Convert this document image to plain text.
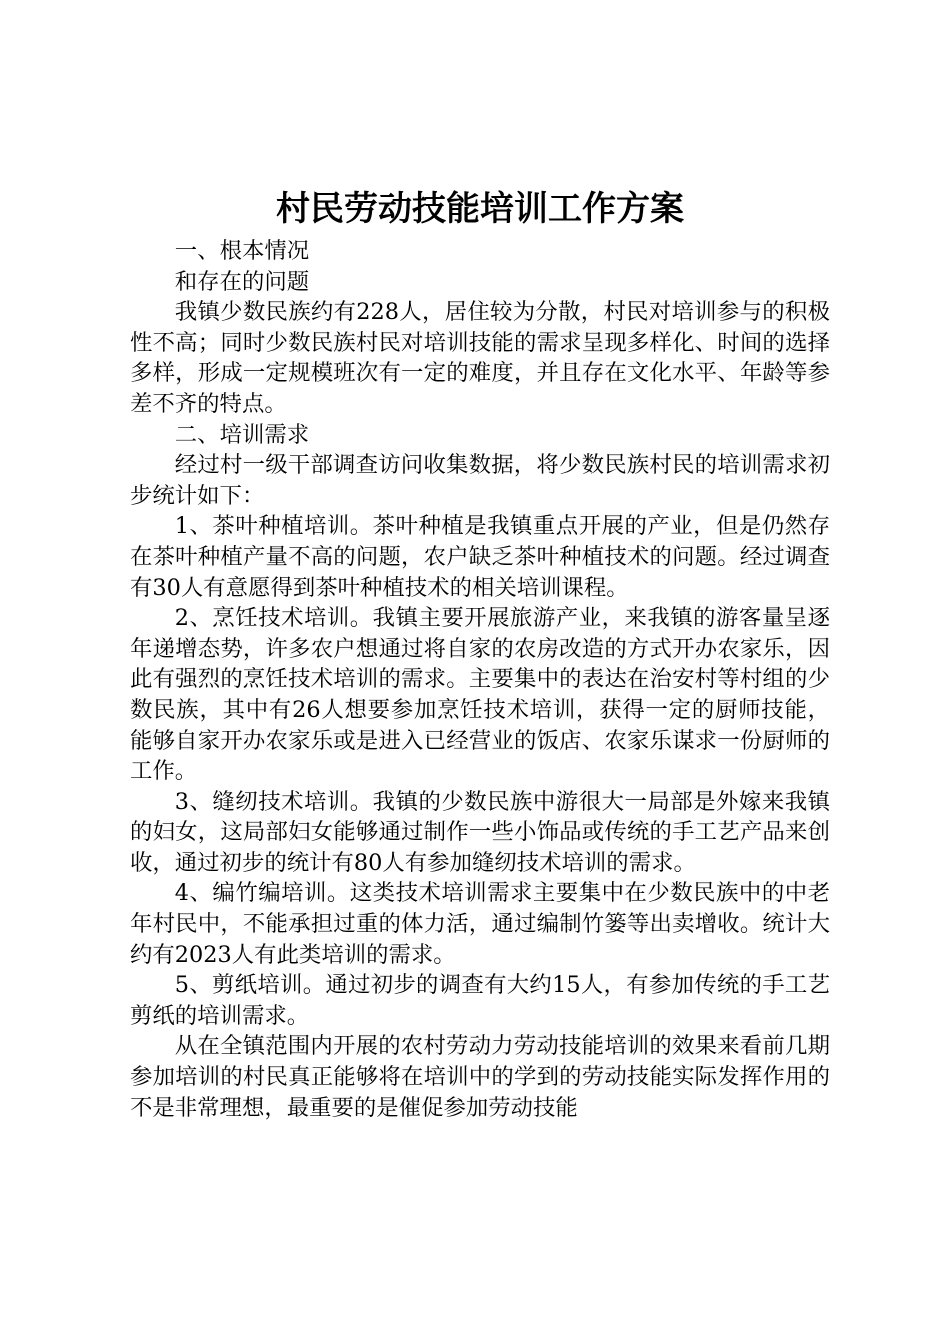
村民劳动技能培训工作方案

一、根本情况

和存在的问题

我镇少数民族约有228人，居住较为分散，村民对培训参与的积极性不高；同时少数民族村民对培训技能的需求呈现多样化、时间的选择多样，形成一定规模班次有一定的难度，并且存在文化水平、年龄等参差不齐的特点。

二、培训需求

经过村一级干部调查访问收集数据，将少数民族村民的培训需求初步统计如下：

1、茶叶种植培训。茶叶种植是我镇重点开展的产业，但是仍然存在茶叶种植产量不高的问题，农户缺乏茶叶种植技术的问题。经过调查有30人有意愿得到茶叶种植技术的相关培训课程。

2、烹饪技术培训。我镇主要开展旅游产业，来我镇的游客量呈逐年递增态势，许多农户想通过将自家的农房改造的方式开办农家乐，因此有强烈的烹饪技术培训的需求。主要集中的表达在治安村等村组的少数民族，其中有26人想要参加烹饪技术培训，获得一定的厨师技能，能够自家开办农家乐或是进入已经营业的饭店、农家乐谋求一份厨师的工作。

3、缝纫技术培训。我镇的少数民族中游很大一局部是外嫁来我镇的妇女，这局部妇女能够通过制作一些小饰品或传统的手工艺产品来创收，通过初步的统计有80人有参加缝纫技术培训的需求。

4、编竹编培训。这类技术培训需求主要集中在少数民族中的中老年村民中，不能承担过重的体力活，通过编制竹篓等出卖增收。统计大约有2023人有此类培训的需求。

5、剪纸培训。通过初步的调查有大约15人，有参加传统的手工艺剪纸的培训需求。

从在全镇范围内开展的农村劳动力劳动技能培训的效果来看前几期参加培训的村民真正能够将在培训中的学到的劳动技能实际发挥作用的不是非常理想，最重要的是催促参加劳动技能
